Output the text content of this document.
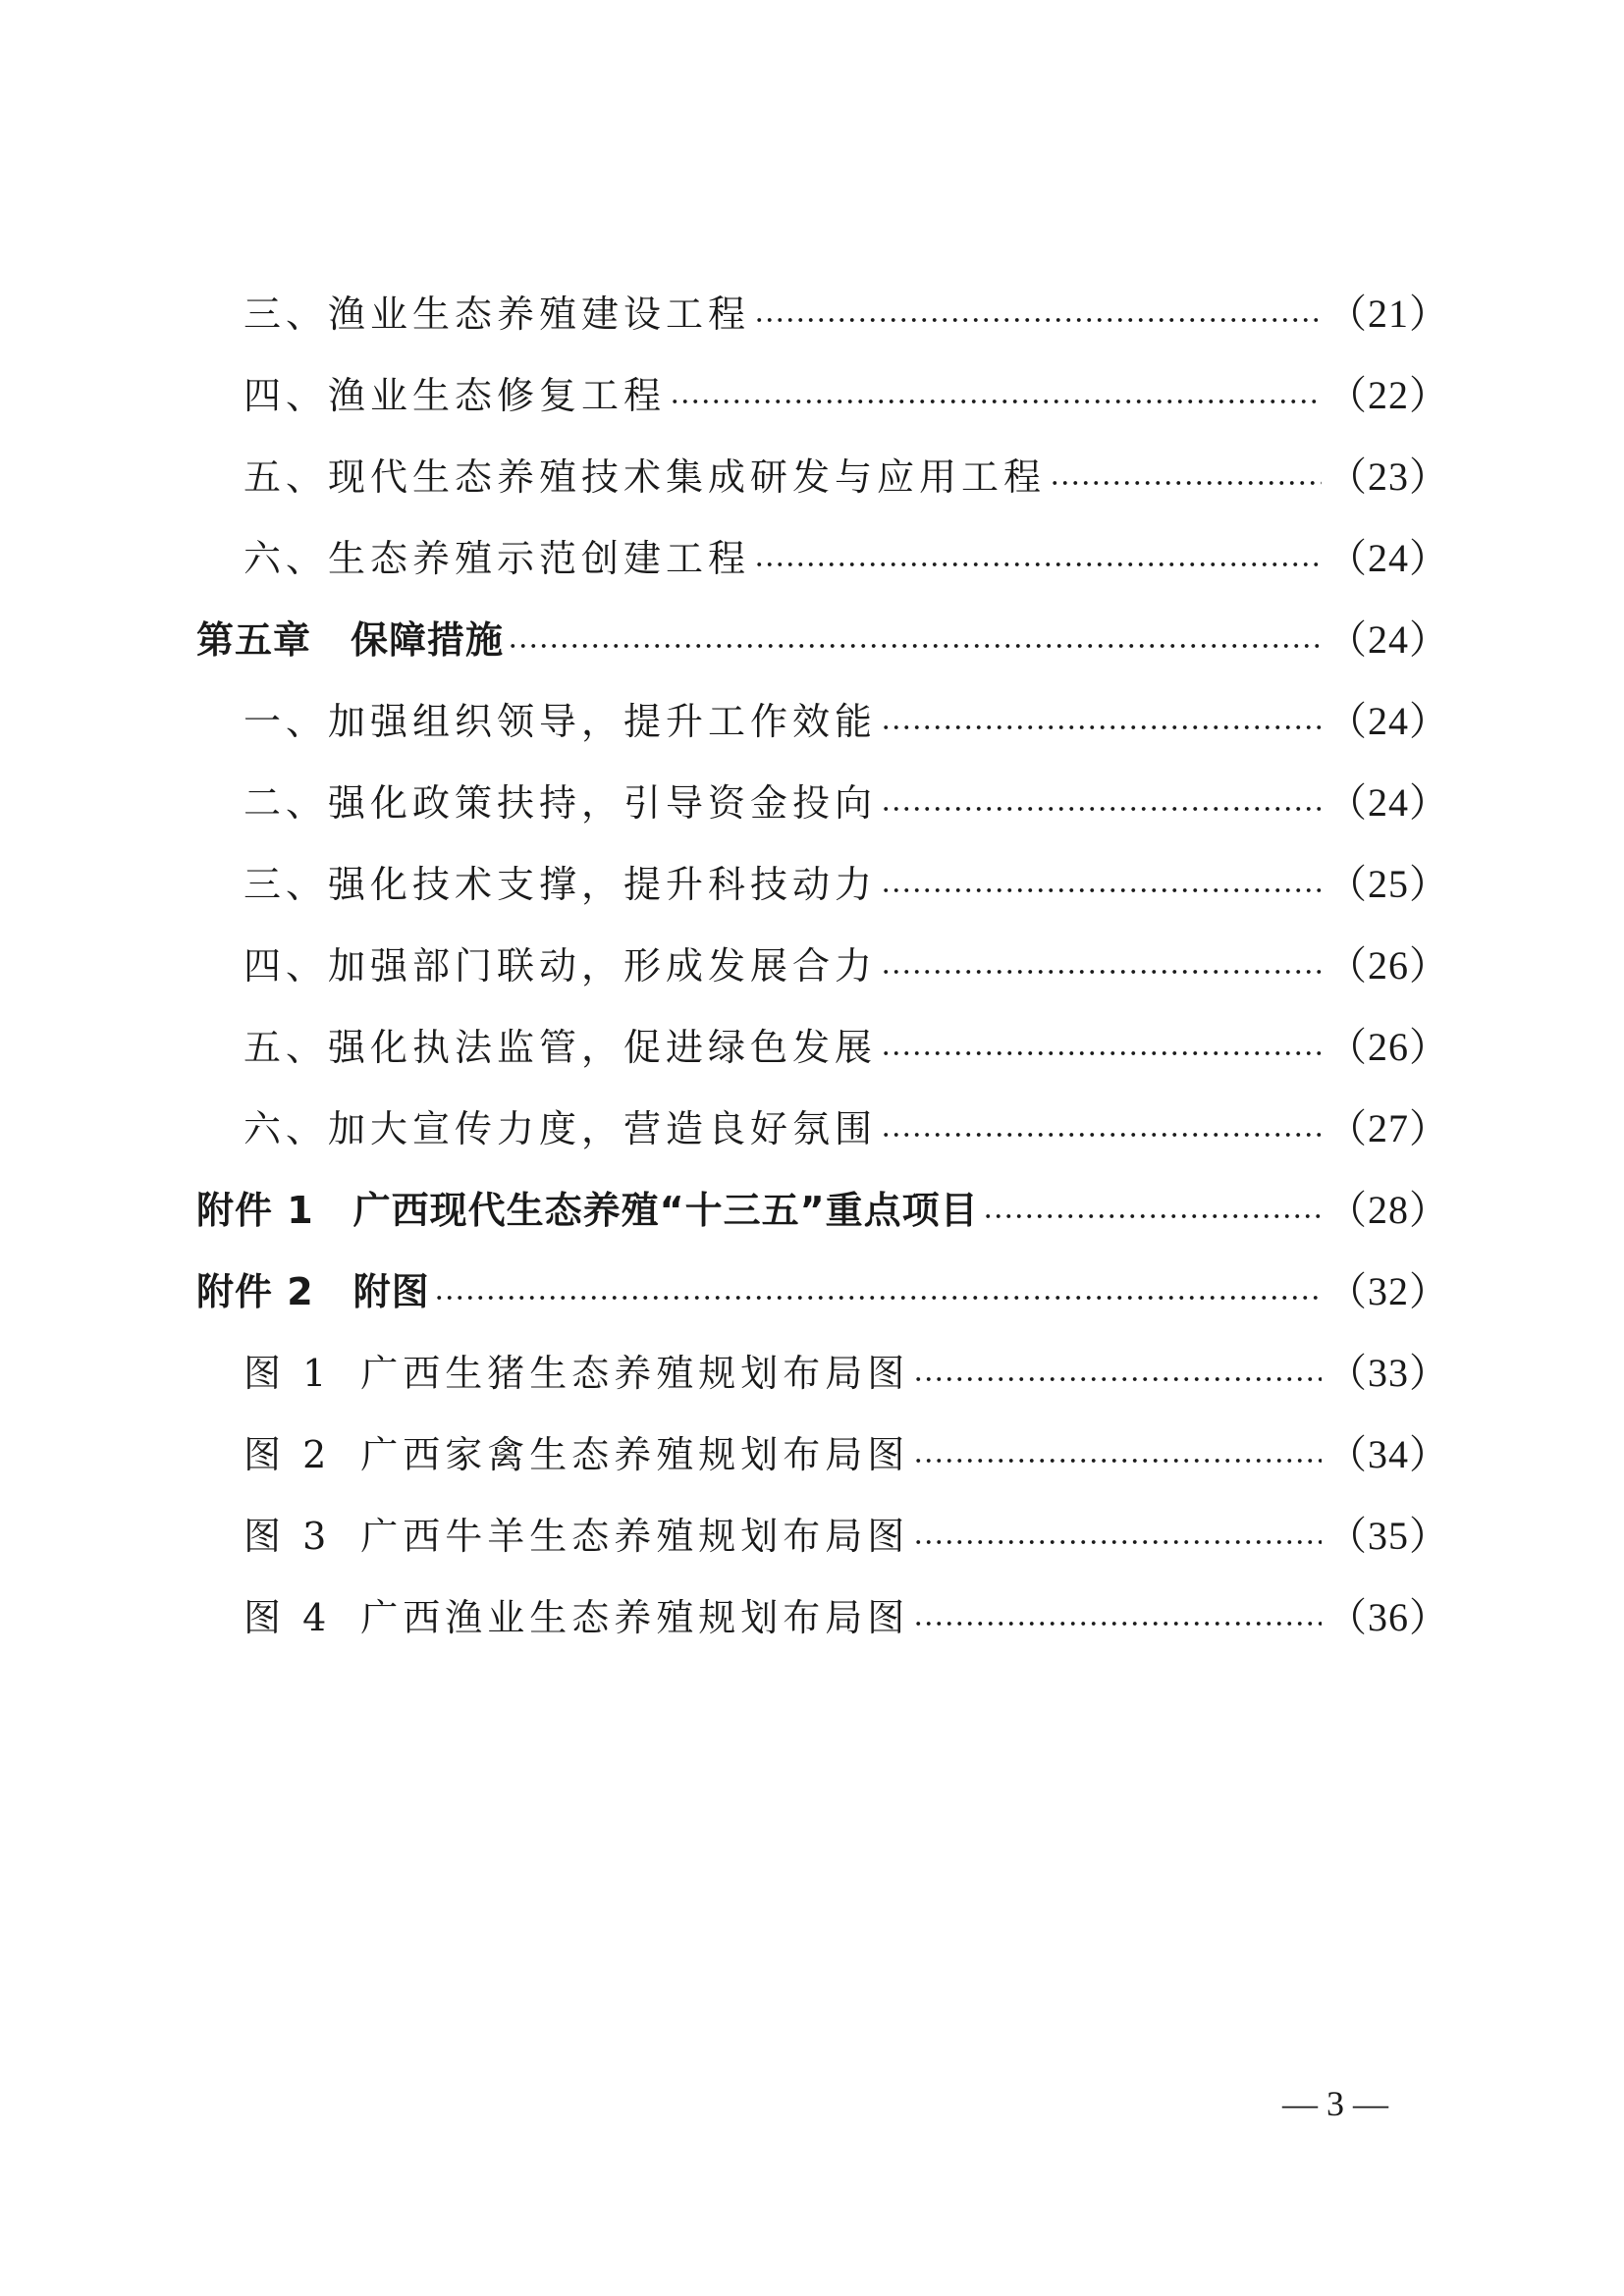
三、渔业生态养殖建设工程	（21）
四、渔业生态修复工程	（22）
五、现代生态养殖技术集成研发与应用工程	（23）
六、生态养殖示范创建工程	（24）
第五章 保障措施	（24）
一、加强组织领导，提升工作效能	（24）
二、强化政策扶持，引导资金投向	（24）
三、强化技术支撑，提升科技动力	（25）
四、加强部门联动，形成发展合力	（26）
五、强化执法监管，促进绿色发展	（26）
六、加大宣传力度，营造良好氛围	（27）
附件 1 广西现代生态养殖“十三五”重点项目	（28）
附件 2 附图	（32）
图 1 广西生猪生态养殖规划布局图	（33）
图 2 广西家禽生态养殖规划布局图	（34）
图 3 广西牛羊生态养殖规划布局图	（35）
图 4 广西渔业生态养殖规划布局图	（36）
— 3 —
